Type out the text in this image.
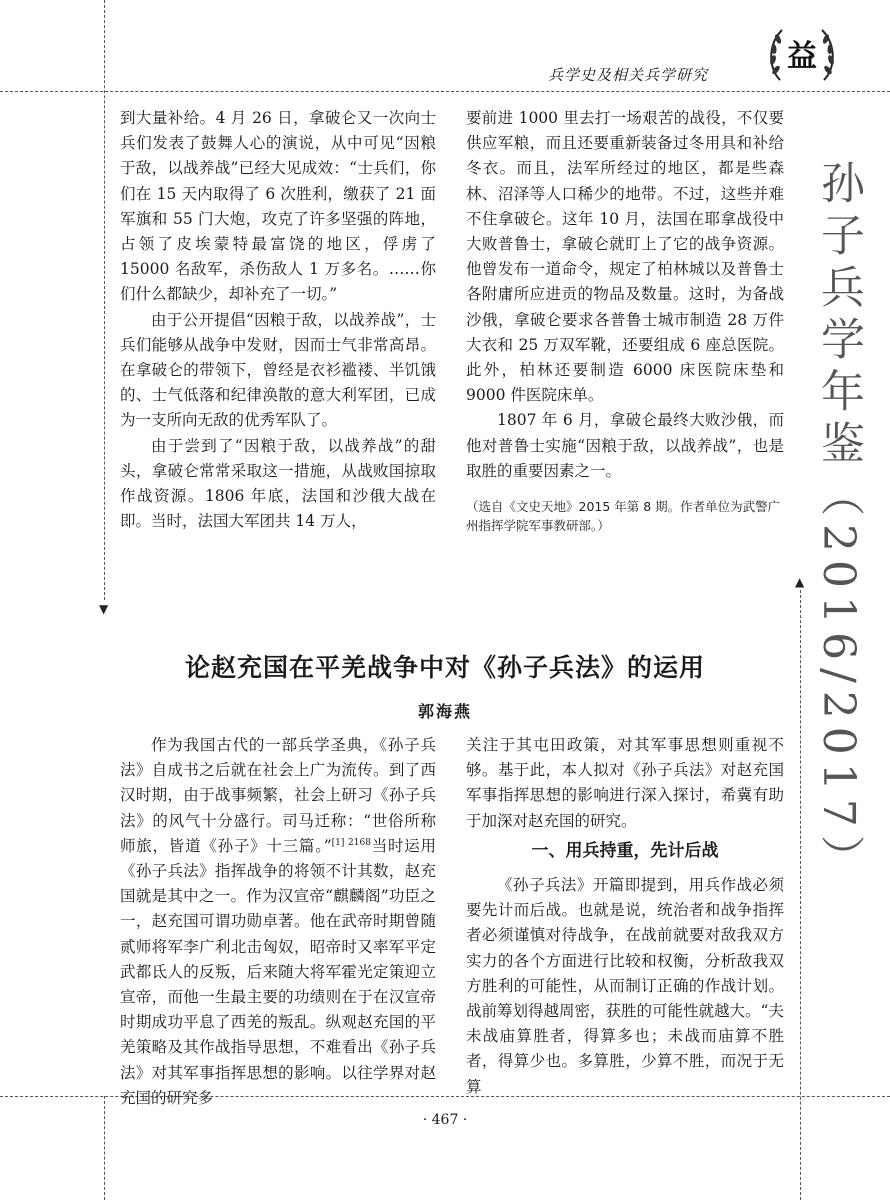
▼
▲
兵学史及相关兵学研究
益
孙子兵学年鉴（2016/2017）

到大量补给。4 月 26 日，拿破仑又一次向士兵们发表了鼓舞人心的演说，从中可见“因粮于敌，以战养战”已经大见成效：“士兵们，你们在 15 天内取得了 6 次胜利，缴获了 21 面军旗和 55 门大炮，攻克了许多坚强的阵地，占领了皮埃蒙特最富饶的地区，俘虏了 15000 名敌军，杀伤敌人 1 万多名。……你们什么都缺少，却补充了一切。”

由于公开提倡“因粮于敌，以战养战”，士兵们能够从战争中发财，因而士气非常高昂。在拿破仑的带领下，曾经是衣衫褴褛、半饥饿的、士气低落和纪律涣散的意大利军团，已成为一支所向无敌的优秀军队了。

由于尝到了“因粮于敌，以战养战”的甜头，拿破仑常常采取这一措施，从战败国掠取作战资源。1806 年底，法国和沙俄大战在即。当时，法国大军团共 14 万人，

要前进 1000 里去打一场艰苦的战役，不仅要供应军粮，而且还要重新装备过冬用具和补给冬衣。而且，法军所经过的地区，都是些森林、沼泽等人口稀少的地带。不过，这些并难不住拿破仑。这年 10 月，法国在耶拿战役中大败普鲁士，拿破仑就盯上了它的战争资源。他曾发布一道命令，规定了柏林城以及普鲁士各附庸所应进贡的物品及数量。这时，为备战沙俄，拿破仑要求各普鲁士城市制造 28 万件大衣和 25 万双军靴，还要组成 6 座总医院。此外，柏林还要制造 6000 床医院床垫和 9000 件医院床单。

1807 年 6 月，拿破仑最终大败沙俄，而他对普鲁士实施“因粮于敌，以战养战”，也是取胜的重要因素之一。

（选自《文史天地》2015 年第 8 期。作者单位为武警广州指挥学院军事教研部。）
论赵充国在平羌战争中对《孙子兵法》的运用
郭海燕

作为我国古代的一部兵学圣典，《孙子兵法》自成书之后就在社会上广为流传。到了西汉时期，由于战事频繁，社会上研习《孙子兵法》的风气十分盛行。司马迁称：“世俗所称师旅，皆道《孙子》十三篇。”$^{[1] 2168}$当时运用《孙子兵法》指挥战争的将领不计其数，赵充国就是其中之一。作为汉宣帝“麒麟阁”功臣之一，赵充国可谓功勋卓著。他在武帝时期曾随贰师将军李广利北击匈奴，昭帝时又率军平定武都氐人的反叛，后来随大将军霍光定策迎立宣帝，而他一生最主要的功绩则在于在汉宣帝时期成功平息了西羌的叛乱。纵观赵充国的平羌策略及其作战指导思想，不难看出《孙子兵法》对其军事指挥思想的影响。以往学界对赵充国的研究多

关注于其屯田政策，对其军事思想则重视不够。基于此，本人拟对《孙子兵法》对赵充国军事指挥思想的影响进行深入探讨，希冀有助于加深对赵充国的研究。

一、用兵持重，先计后战

《孙子兵法》开篇即提到，用兵作战必须要先计而后战。也就是说，统治者和战争指挥者必须谨慎对待战争，在战前就要对敌我双方实力的各个方面进行比较和权衡，分析敌我双方胜利的可能性，从而制订正确的作战计划。战前筹划得越周密，获胜的可能性就越大。“夫未战庙算胜者，得算多也；未战而庙算不胜者，得算少也。多算胜，少算不胜，而况于无算

· 467 ·
